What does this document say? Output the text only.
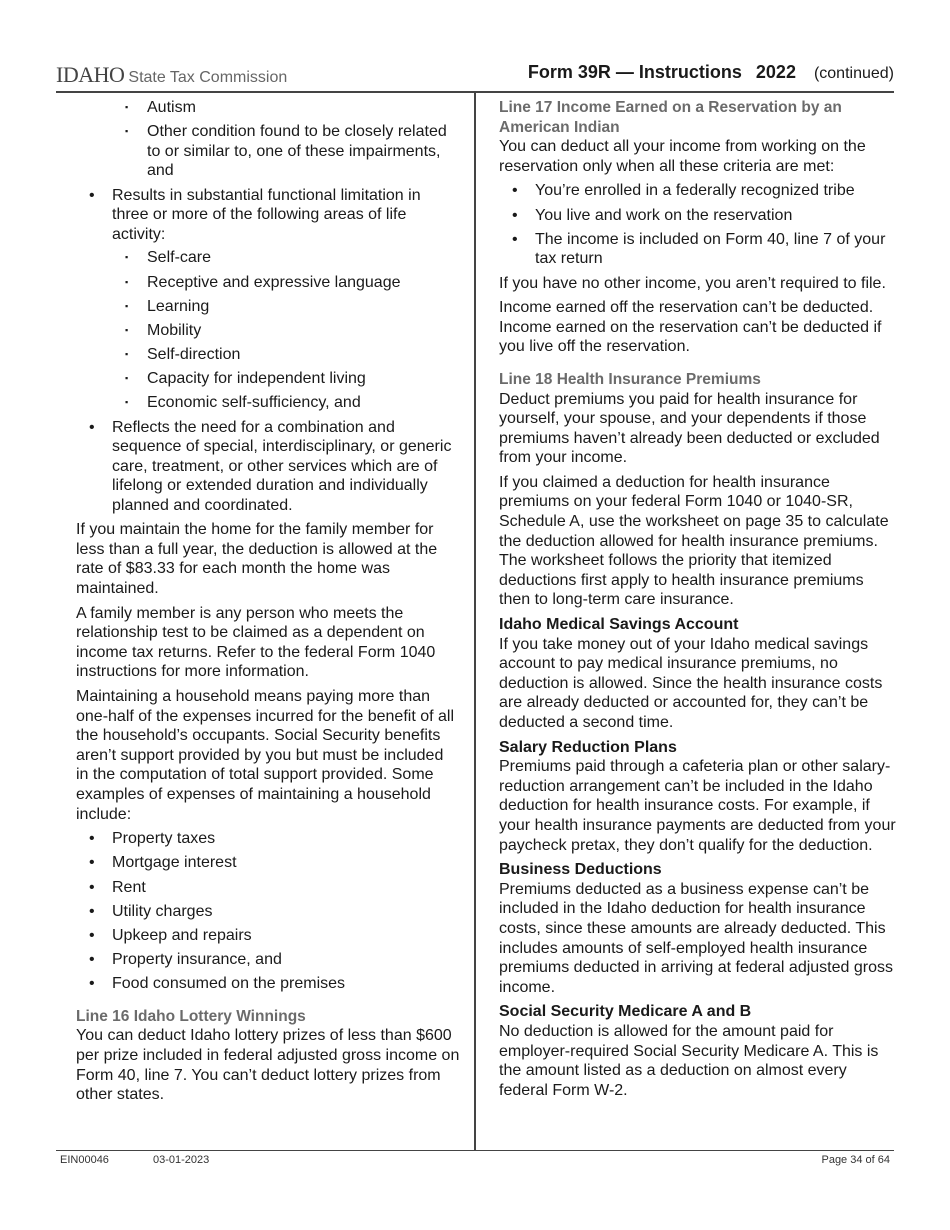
IDAHO State Tax Commission	Form 39R — Instructions 2022 (continued)
▪ Autism
▪ Other condition found to be closely related to or similar to, one of these impairments, and
• Results in substantial functional limitation in three or more of the following areas of life activity:
▪ Self-care
▪ Receptive and expressive language
▪ Learning
▪ Mobility
▪ Self-direction
▪ Capacity for independent living
▪ Economic self-sufficiency, and
• Reflects the need for a combination and sequence of special, interdisciplinary, or generic care, treatment, or other services which are of lifelong or extended duration and individually planned and coordinated.

If you maintain the home for the family member for less than a full year, the deduction is allowed at the rate of $83.33 for each month the home was maintained.

A family member is any person who meets the relationship test to be claimed as a dependent on income tax returns. Refer to the federal Form 1040 instructions for more information.

Maintaining a household means paying more than one-half of the expenses incurred for the benefit of all the household’s occupants. Social Security benefits aren’t support provided by you but must be included in the computation of total support provided. Some examples of expenses of maintaining a household include:

• Property taxes
• Mortgage interest
• Rent
• Utility charges
• Upkeep and repairs
• Property insurance, and
• Food consumed on the premises
Line 16 Idaho Lottery Winnings

You can deduct Idaho lottery prizes of less than $600 per prize included in federal adjusted gross income on Form 40, line 7. You can’t deduct lottery prizes from other states.

Line 17 Income Earned on a Reservation by an American Indian

You can deduct all your income from working on the reservation only when all these criteria are met:

• You’re enrolled in a federally recognized tribe
• You live and work on the reservation
• The income is included on Form 40, line 7 of your tax return

If you have no other income, you aren’t required to file.

Income earned off the reservation can’t be deducted. Income earned on the reservation can’t be deducted if you live off the reservation.

Line 18 Health Insurance Premiums

Deduct premiums you paid for health insurance for yourself, your spouse, and your dependents if those premiums haven’t already been deducted or excluded from your income.

If you claimed a deduction for health insurance premiums on your federal Form 1040 or 1040-SR, Schedule A, use the worksheet on page 35 to calculate the deduction allowed for health insurance premiums. The worksheet follows the priority that itemized deductions first apply to health insurance premiums then to long-term care insurance.

Idaho Medical Savings Account

If you take money out of your Idaho medical savings account to pay medical insurance premiums, no deduction is allowed. Since the health insurance costs are already deducted or accounted for, they can’t be deducted a second time.

Salary Reduction Plans

Premiums paid through a cafeteria plan or other salary-reduction arrangement can’t be included in the Idaho deduction for health insurance costs. For example, if your health insurance payments are deducted from your paycheck pretax, they don’t qualify for the deduction.

Business Deductions

Premiums deducted as a business expense can’t be included in the Idaho deduction for health insurance costs, since these amounts are already deducted. This includes amounts of self-employed health insurance premiums deducted in arriving at federal adjusted gross income.

Social Security Medicare A and B

No deduction is allowed for the amount paid for employer-required Social Security Medicare A. This is the amount listed as a deduction on almost every federal Form W-2.

EIN00046	03-01-2023	Page 34 of 64
